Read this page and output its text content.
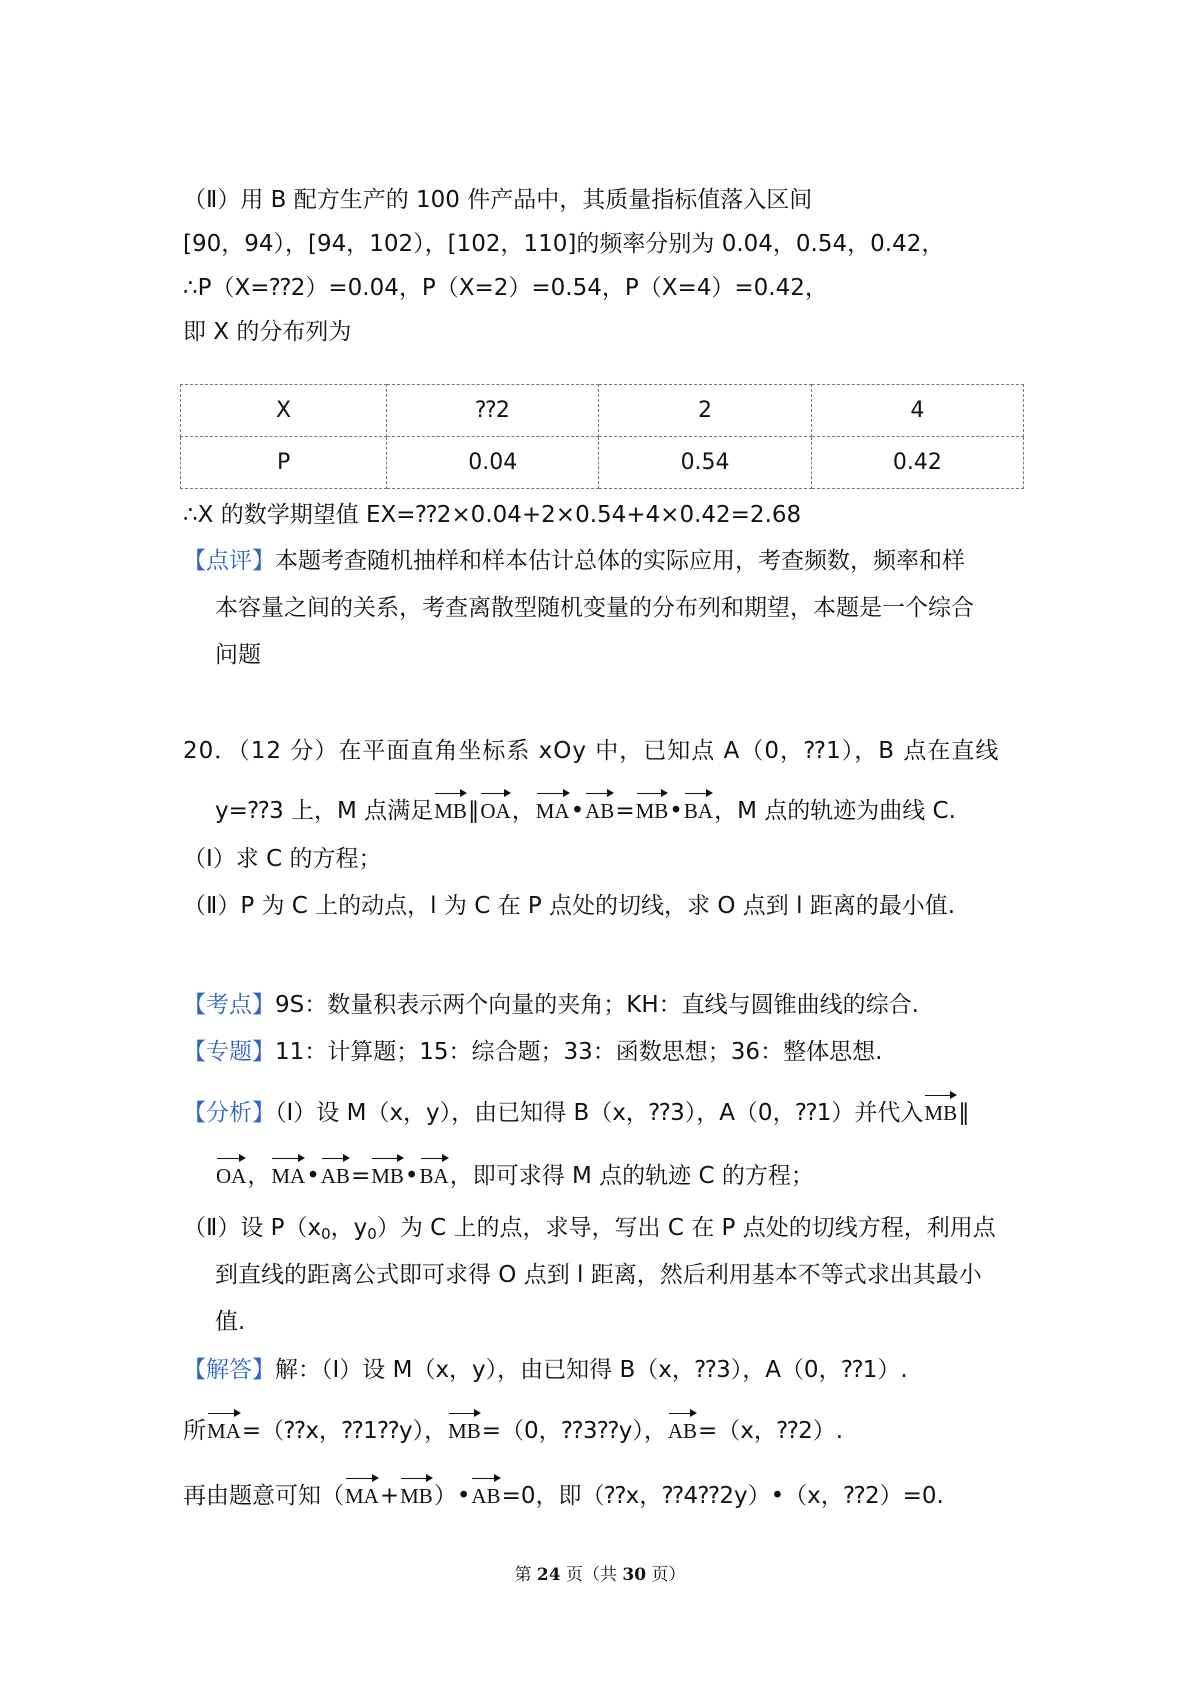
（Ⅱ）用 B 配方生产的 100 件产品中，其质量指标值落入区间
[90，94），[94，102），[102，110]的频率分别为 0.04，0.54，0.42，
∴P（X=⁇2）=0.04，P（X=2）=0.54，P（X=4）=0.42，
即 X 的分布列为
X	⁇2	2	4
P	0.04	0.54	0.42
∴X 的数学期望值 EX=⁇2×0.04+2×0.54+4×0.42=2.68
【点评】本题考查随机抽样和样本估计总体的实际应用，考查频数，频率和样
本容量之间的关系，考查离散型随机变量的分布列和期望，本题是一个综合
问题
20．（12 分）在平面直角坐标系 xOy 中，已知点 A（0，⁇1），B 点在直线
y=⁇3 上，M 点满足MB∥OA，MA•AB=MB•BA，M 点的轨迹为曲线 C.
（Ⅰ）求 C 的方程；
（Ⅱ）P 为 C 上的动点，l 为 C 在 P 点处的切线，求 O 点到 l 距离的最小值.
【考点】9S：数量积表示两个向量的夹角；KH：直线与圆锥曲线的综合.
【专题】11：计算题；15：综合题；33：函数思想；36：整体思想.
【分析】（Ⅰ）设 M（x，y），由已知得 B（x，⁇3），A（0，⁇1）并代入MB∥
OA，MA•AB=MB•BA，即可求得 M 点的轨迹 C 的方程；
（Ⅱ）设 $P(x_0$，$y_0$）为 C 上的点，求导，写出 C 在 P 点处的切线方程，利用点
到直线的距离公式即可求得 O 点到 l 距离，然后利用基本不等式求出其最小
值.
【解答】解：（Ⅰ）设 M（x，y），由已知得 B（x，⁇3），A（0，⁇1）.
所MA=（⁇x，⁇1⁇y），MB=（0，⁇3⁇y），AB=（x，⁇2）.
再由题意可知（MA+MB）•AB=0，即（⁇x，⁇4⁇2y）•（x，⁇2）=0.
第 24 页（共 30 页）
